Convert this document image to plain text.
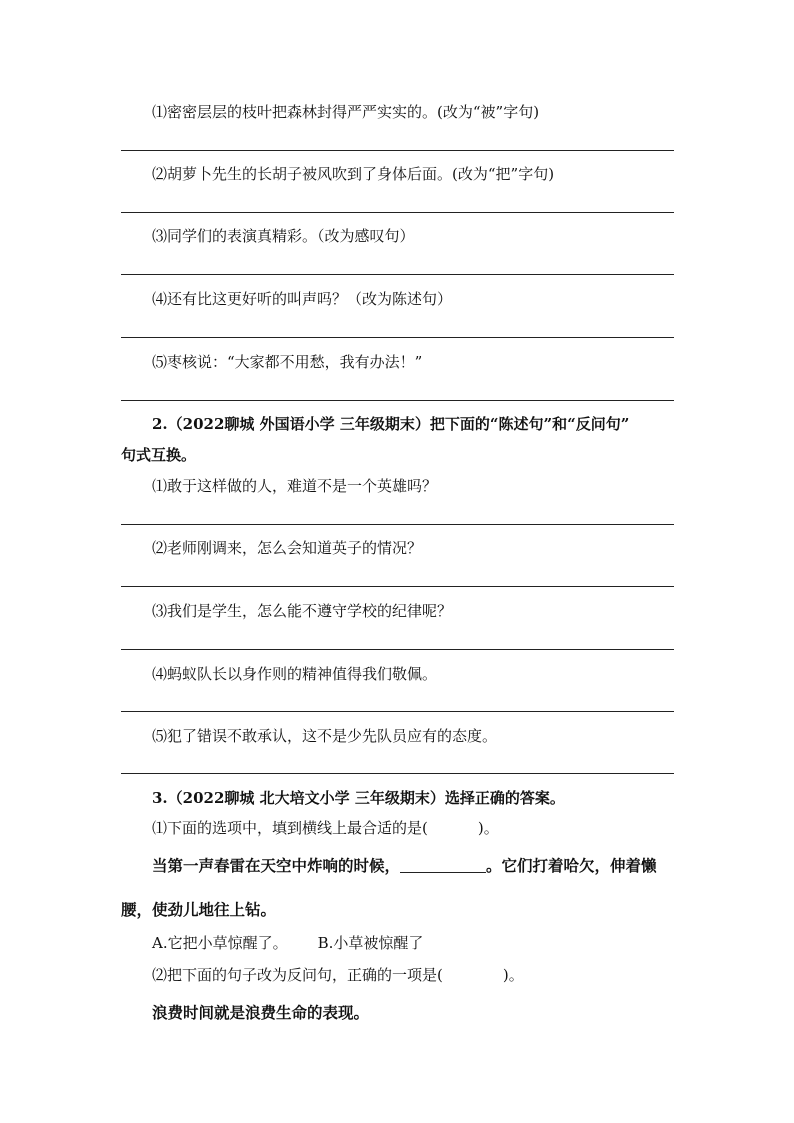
⑴密密层层的枝叶把森林封得严严实实的。(改为“被”字句)
⑵胡萝卜先生的长胡子被风吹到了身体后面。(改为“把”字句)
⑶同学们的表演真精彩。（改为感叹句）
⑷还有比这更好听的叫声吗？（改为陈述句）
⑸枣核说：“大家都不用愁，我有办法！”
2.（2022聊城 外国语小学 三年级期末）把下面的“陈述句”和“反问句”
句式互换。
⑴敢于这样做的人，难道不是一个英雄吗？
⑵老师刚调来，怎么会知道英子的情况？
⑶我们是学生，怎么能不遵守学校的纪律呢？
⑷蚂蚁队长以身作则的精神值得我们敬佩。
⑸犯了错误不敢承认，这不是少先队员应有的态度。
3.（2022聊城 北大培文小学 三年级期末）选择正确的答案。
⑴下面的选项中，填到横线上最合适的是(	)。
当第一声春雷在天空中炸响的时候，	。它们打着哈欠，伸着懒
腰，使劲儿地往上钻。
A.它把小草惊醒了。 B.小草被惊醒了
⑵把下面的句子改为反问句，正确的一项是(	)。
浪费时间就是浪费生命的表现。
